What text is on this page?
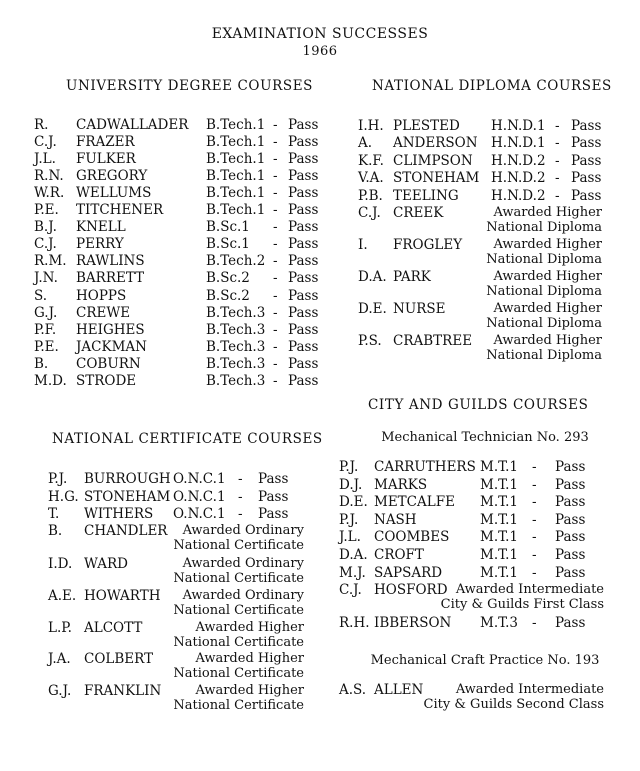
EXAMINATION SUCCESSES
1966
UNIVERSITY DEGREE COURSES	NATIONAL DIPLOMA COURSES
NATIONAL CERTIFICATE COURSES
CITY AND GUILDS COURSES
Mechanical Technician No. 293
Mechanical Craft Practice No. 193
R. CADWALLADER B.Tech.1 - Pass
C.J. FRAZER	B.Tech.1 - Pass
J.L. FULKER	B.Tech.1 - Pass
R.N. GREGORY	B.Tech.1 - Pass
W.R. WELLUMS	B.Tech.1 - Pass
P.E. TITCHENER	B.Tech.1 - Pass
B.J. KNELL	B.Sc.1 - Pass
C.J. PERRY	B.Sc.1 - Pass
R.M. RAWLINS	B.Tech.2 - Pass
J.N. BARRETT	B.Sc.2 - Pass
S. HOPPS	B.Sc.2 - Pass
G.J. CREWE	B.Tech.3 - Pass
P.F. HEIGHES	B.Tech.3 - Pass
P.E. JACKMAN	B.Tech.3 - Pass
B. COBURN	B.Tech.3 - Pass
M.D. STRODE	B.Tech.3 - Pass
I.H. PLESTED H.N.D.1 - Pass
A. ANDERSON H.N.D.1 - Pass
K.F. CLIMPSON H.N.D.2 - Pass
V.A. STONEHAM H.N.D.2 - Pass
P.B. TEELING H.N.D.2 - Pass
C.J. CREEK	Awarded Higher
National Diploma
I. FROGLEY	Awarded Higher
National Diploma
D.A. PARK	Awarded Higher
National Diploma
D.E. NURSE	Awarded Higher
National Diploma
P.S. CRABTREE	Awarded Higher
National Diploma
P.J. BURROUGH O.N.C.1 - Pass
H.G. STONEHAM O.N.C.1 - Pass
T. WITHERS O.N.C.1 - Pass
B. CHANDLER	Awarded Ordinary
National Certificate
I.D. WARD	Awarded Ordinary
National Certificate
A.E. HOWARTH	Awarded Ordinary
National Certificate
L.P. ALCOTT	Awarded Higher
National Certificate
J.A. COLBERT	Awarded Higher
National Certificate
G.J. FRANKLIN	Awarded Higher
National Certificate
P.J. CARRUTHERS M.T.1 - Pass
D.J. MARKS	M.T.1 - Pass
D.E. METCALFE M.T.1 - Pass
P.J. NASH	M.T.1 - Pass
J.L. COOMBES M.T.1 - Pass
D.A. CROFT	M.T.1 - Pass
M.J. SAPSARD	M.T.1 - Pass
C.J. HOSFORD Awarded Intermediate
City & Guilds First Class
R.H. IBBERSON M.T.3 - Pass
A.S. ALLEN	Awarded Intermediate
City & Guilds Second Class
